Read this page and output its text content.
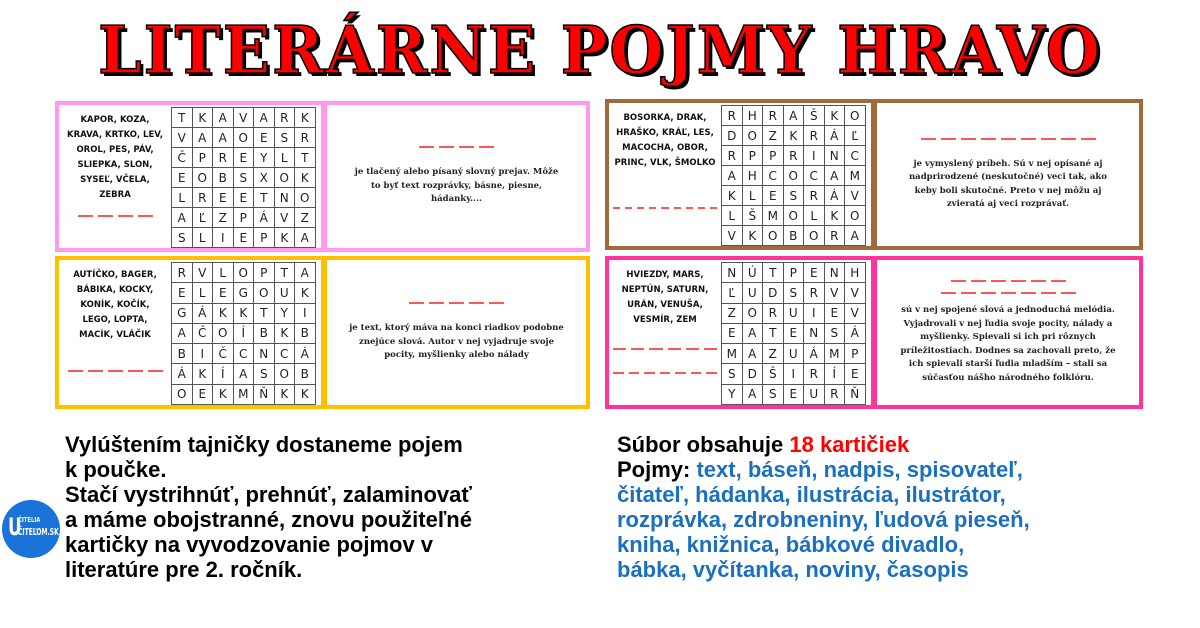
LITERÁRNE POJMY HRAVO
KAPOR, KOZA,
KRAVA, KRTKO, LEV,
OROL, PES, PÁV,
SLIEPKA, SLON,
SYSEĽ, VČELA,
ZEBRA
T	K	A	V	A	R	K
V	A	A	O	E	S	R
Č	P	R	E	Y	L	T
E	O	B	S	X	O	K
L	R	E	E	T	N	O
A	Ľ	Z	P	Á	V	Z
S	L	I	E	P	K	A
je tlačený alebo písaný slovný prejav. Môže to byť text rozprávky, básne, piesne, hádanky....
BOSORKA, DRAK,
HRAŠKO, KRÁĽ, LES,
MACOCHA, OBOR,
PRINC, VLK, ŠMOLKO
R	H	R	A	Š	K	O
D	O	Z	K	R	Á	Ľ
R	P	P	R	I	N	C
A	H	C	O	C	A	M
K	L	E	S	R	Á	V
L	Š	M	O	L	K	O
V	K	O	B	O	R	A
je vymyslený príbeh. Sú v nej opísané aj nadprirodzené (neskutočné) veci tak, ako keby boli skutočné. Preto v nej môžu aj zvieratá aj veci rozprávať.
AUTÍČKO, BAGER,
BÁBIKA, KOCKY,
KONÍK, KOČÍK,
LEGO, LOPTA,
MACÍK, VLÁČIK
R	V	L	O	P	T	A
E	L	E	G	O	U	K
G	Á	K	K	T	Y	I
A	Č	O	Í	B	K	B
B	I	Č	C	N	C	Á
Á	K	Í	A	S	O	B
O	E	K	M	Ň	K	K
je text, ktorý máva na konci riadkov podobne znejúce slová. Autor v nej vyjadruje svoje pocity, myšlienky alebo nálady
HVIEZDY, MARS,
NEPTÚN, SATURN,
URÁN, VENUŠA,
VESMÍR, ZEM
N	Ú	T	P	E	N	H
Ľ	U	D	S	R	V	V
Z	O	R	U	I	E	V
E	A	T	E	N	S	Á
M	A	Z	U	Á	M	P
S	D	Š	I	R	Í	E
Y	A	S	E	U	R	Ň
sú v nej spojené slová a jednoduchá melódia. Vyjadrovali v nej ľudia svoje pocity, nálady a myšlienky. Spievali si ich pri rôznych príležitostiach. Dodnes sa zachovali preto, že ich spievali starší ľudia mladším – stali sa súčasťou nášho národného folklóru.
Vylúštením tajničky dostaneme pojem
k poučke.
Stačí vystrihnúť, prehnúť, zalaminovať
a máme obojstranné, znovu použiteľné
kartičky na vyvodzovanie pojmov v
literatúre pre 2. ročník.
Súbor obsahuje 18 kartičiek
Pojmy: text, báseň, nadpis, spisovateľ,
čitateľ, hádanka, ilustrácia, ilustrátor,
rozprávka, zdrobneniny, ľudová pieseň,
kniha, knižnica, bábkové divadlo,
bábka, vyčítanka, noviny, časopis
U
ČITELIA
ČITEĽOM.SK
